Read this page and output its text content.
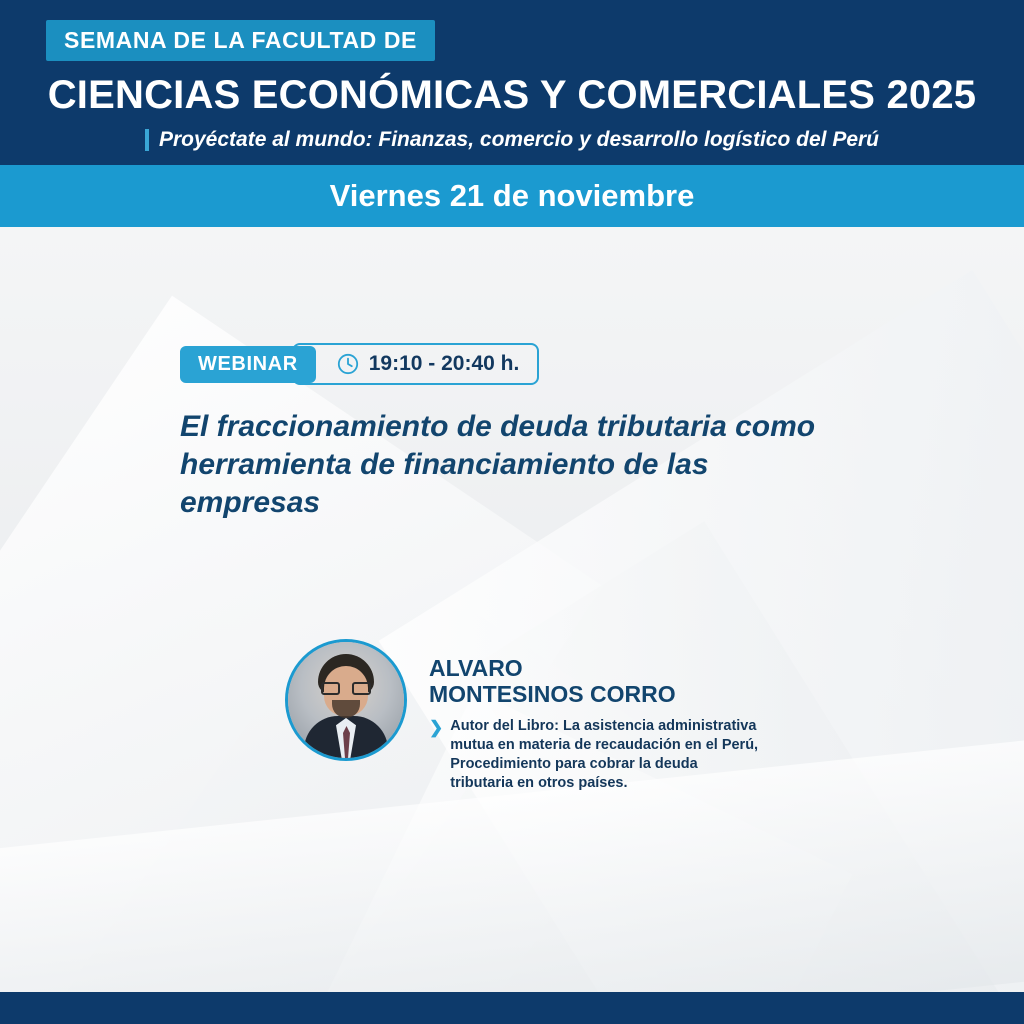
SEMANA DE LA FACULTAD DE
CIENCIAS ECONÓMICAS Y COMERCIALES 2025
Proyéctate al mundo: Finanzas, comercio y desarrollo logístico del Perú
Viernes 21 de noviembre
WEBINAR	19:10 - 20:40 h.
El fraccionamiento de deuda tributaria como herramienta de financiamiento de las empresas
ALVARO
MONTESINOS CORRO
❯ Autor del Libro: La asistencia administrativa mutua en materia de recaudación en el Perú, Procedimiento para cobrar la deuda tributaria en otros países.
